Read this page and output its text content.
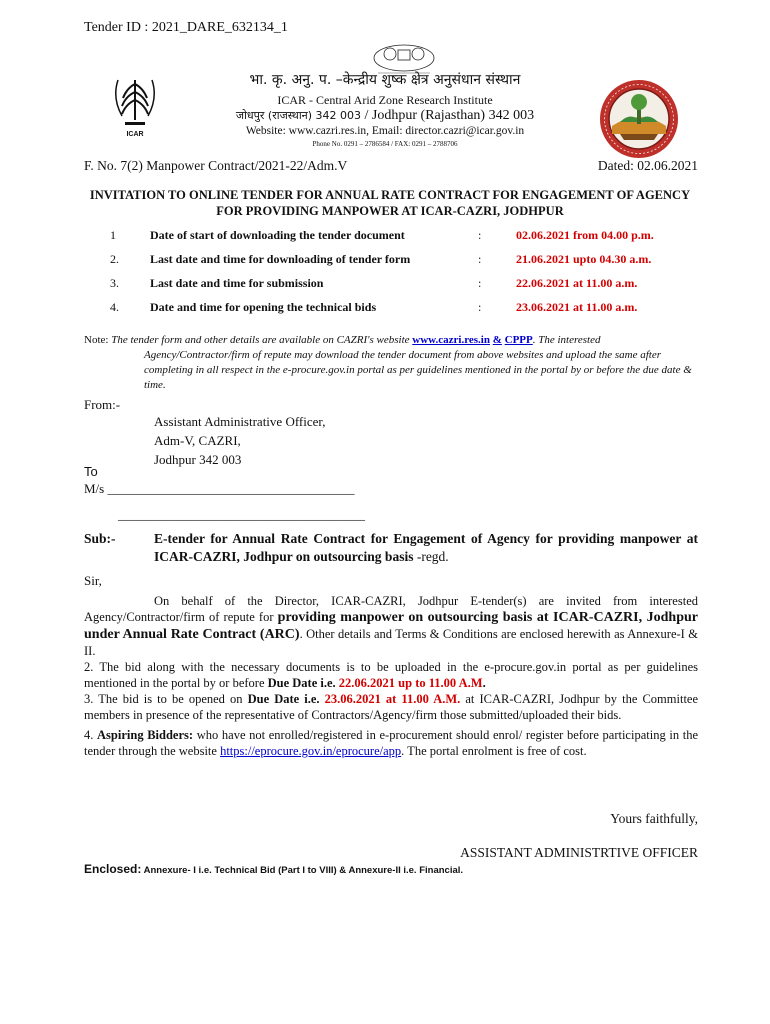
Tender ID : 2021_DARE_632134_1
ICAR
भा. कृ. अनु. प. –केन्द्रीय शुष्क क्षेत्र अनुसंधान संस्थान
ICAR - Central Arid Zone Research Institute
जोधपुर (राजस्थान) 342 003 / Jodhpur (Rajasthan) 342 003
Website: www.cazri.res.in, Email: director.cazri@icar.gov.in
Phone No. 0291 – 2786584 / FAX: 0291 – 2788706
F. No. 7(2) Manpower Contract/2021-22/Adm.V	Dated: 02.06.2021
INVITATION TO ONLINE TENDER FOR ANNUAL RATE CONTRACT FOR ENGAGEMENT OF AGENCY FOR PROVIDING MANPOWER AT ICAR-CAZRI, JODHPUR
1	Date of start of downloading the tender document	:	02.06.2021 from 04.00 p.m.
2.	Last date and time for downloading of tender form	:	21.06.2021 upto 04.30 a.m.
3.	Last date and time for submission	:	22.06.2021 at 11.00 a.m.
4.	Date and time for opening the technical bids	:	23.06.2021 at 11.00 a.m.

Note: The tender form and other details are available on CAZRI's website www.cazri.res.in & CPPP. The interested Agency/Contractor/firm of repute may download the tender document from above websites and upload the same after completing in all respect in the e-procure.gov.in portal as per guidelines mentioned in the portal by or before the due date & time.

From:-
Assistant Administrative Officer,
Adm-V, CAZRI,
Jodhpur 342 003
To
M/s ______________________________________
______________________________________
Sub:-	E-tender for Annual Rate Contract for Engagement of Agency for providing manpower at ICAR-CAZRI, Jodhpur on outsourcing basis -regd.
Sir,

On behalf of the Director, ICAR-CAZRI, Jodhpur E-tender(s) are invited from interested Agency/Contractor/firm of repute for providing manpower on outsourcing basis at ICAR-CAZRI, Jodhpur under Annual Rate Contract (ARC). Other details and Terms & Conditions are enclosed herewith as Annexure-I & II.

2. The bid along with the necessary documents is to be uploaded in the e-procure.gov.in portal as per guidelines mentioned in the portal by or before Due Date i.e. 22.06.2021 up to 11.00 A.M.

3. The bid is to be opened on Due Date i.e. 23.06.2021 at 11.00 A.M. at ICAR-CAZRI, Jodhpur by the Committee members in presence of the representative of Contractors/Agency/firm those submitted/uploaded their bids.

4. Aspiring Bidders: who have not enrolled/registered in e-procurement should enrol/ register before participating in the tender through the website https://eprocure.gov.in/eprocure/app. The portal enrolment is free of cost.

Yours faithfully,
ASSISTANT ADMINISTRTIVE OFFICER
Enclosed: Annexure- I i.e. Technical Bid (Part I to VIII) & Annexure-II i.e. Financial.
